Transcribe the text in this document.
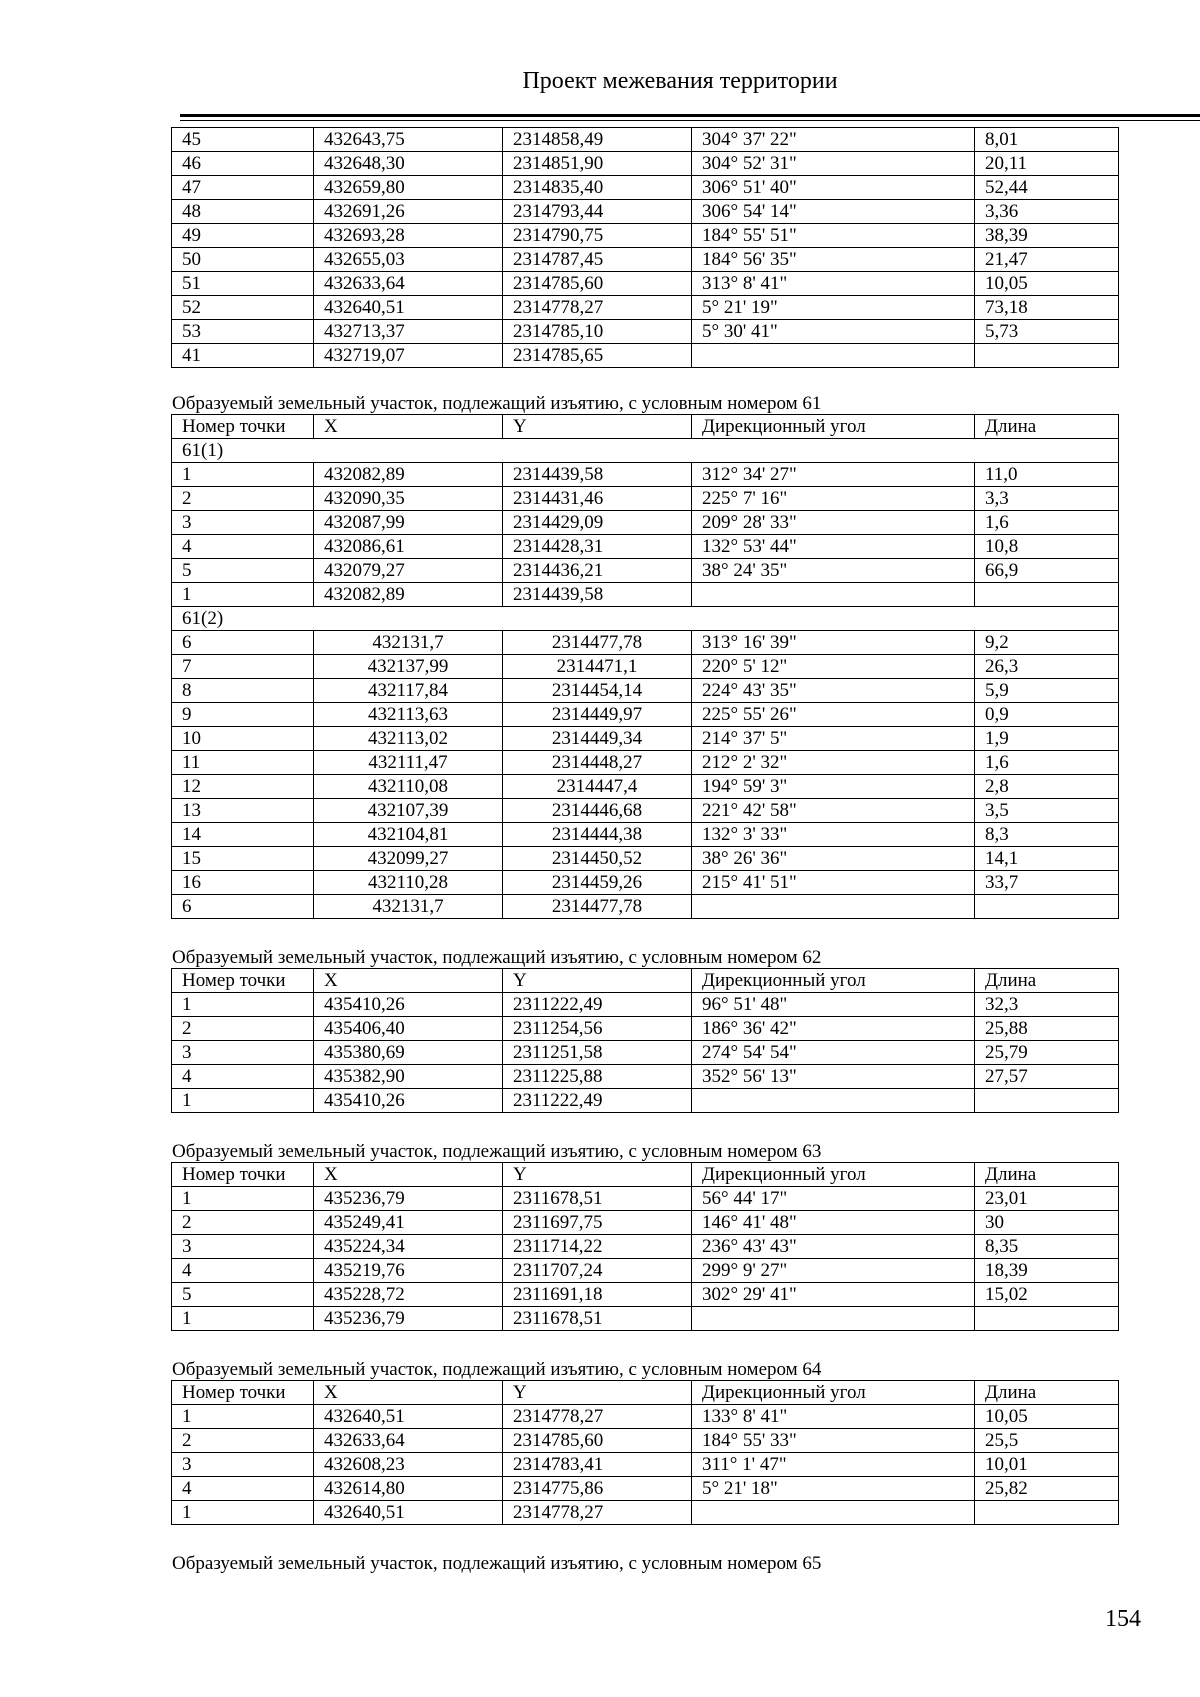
Проект межевания территории
45	432643,75	2314858,49	304° 37' 22"	8,01
46	432648,30	2314851,90	304° 52' 31"	20,11
47	432659,80	2314835,40	306° 51' 40"	52,44
48	432691,26	2314793,44	306° 54' 14"	3,36
49	432693,28	2314790,75	184° 55' 51"	38,39
50	432655,03	2314787,45	184° 56' 35"	21,47
51	432633,64	2314785,60	313° 8' 41"	10,05
52	432640,51	2314778,27	5° 21' 19"	73,18
53	432713,37	2314785,10	5° 30' 41"	5,73
41	432719,07	2314785,65		
Образуемый земельный участок, подлежащий изъятию, с условным номером 61
Номер точки	X	Y	Дирекционный угол	Длина
61(1)				
1	432082,89	2314439,58	312° 34' 27"	11,0
2	432090,35	2314431,46	225° 7' 16"	3,3
3	432087,99	2314429,09	209° 28' 33"	1,6
4	432086,61	2314428,31	132° 53' 44"	10,8
5	432079,27	2314436,21	38° 24' 35"	66,9
1	432082,89	2314439,58		
61(2)				
6	432131,7	2314477,78	313° 16' 39"	9,2
7	432137,99	2314471,1	220° 5' 12"	26,3
8	432117,84	2314454,14	224° 43' 35"	5,9
9	432113,63	2314449,97	225° 55' 26"	0,9
10	432113,02	2314449,34	214° 37' 5"	1,9
11	432111,47	2314448,27	212° 2' 32"	1,6
12	432110,08	2314447,4	194° 59' 3"	2,8
13	432107,39	2314446,68	221° 42' 58"	3,5
14	432104,81	2314444,38	132° 3' 33"	8,3
15	432099,27	2314450,52	38° 26' 36"	14,1
16	432110,28	2314459,26	215° 41' 51"	33,7
6	432131,7	2314477,78		
Образуемый земельный участок, подлежащий изъятию, с условным номером 62
Номер точки	X	Y	Дирекционный угол	Длина
1	435410,26	2311222,49	96° 51' 48"	32,3
2	435406,40	2311254,56	186° 36' 42"	25,88
3	435380,69	2311251,58	274° 54' 54"	25,79
4	435382,90	2311225,88	352° 56' 13"	27,57
1	435410,26	2311222,49		
Образуемый земельный участок, подлежащий изъятию, с условным номером 63
Номер точки	X	Y	Дирекционный угол	Длина
1	435236,79	2311678,51	56° 44' 17"	23,01
2	435249,41	2311697,75	146° 41' 48"	30
3	435224,34	2311714,22	236° 43' 43"	8,35
4	435219,76	2311707,24	299° 9' 27"	18,39
5	435228,72	2311691,18	302° 29' 41"	15,02
1	435236,79	2311678,51		
Образуемый земельный участок, подлежащий изъятию, с условным номером 64
Номер точки	X	Y	Дирекционный угол	Длина
1	432640,51	2314778,27	133° 8' 41"	10,05
2	432633,64	2314785,60	184° 55' 33"	25,5
3	432608,23	2314783,41	311° 1' 47"	10,01
4	432614,80	2314775,86	5° 21' 18"	25,82
1	432640,51	2314778,27		
Образуемый земельный участок, подлежащий изъятию, с условным номером 65
154
